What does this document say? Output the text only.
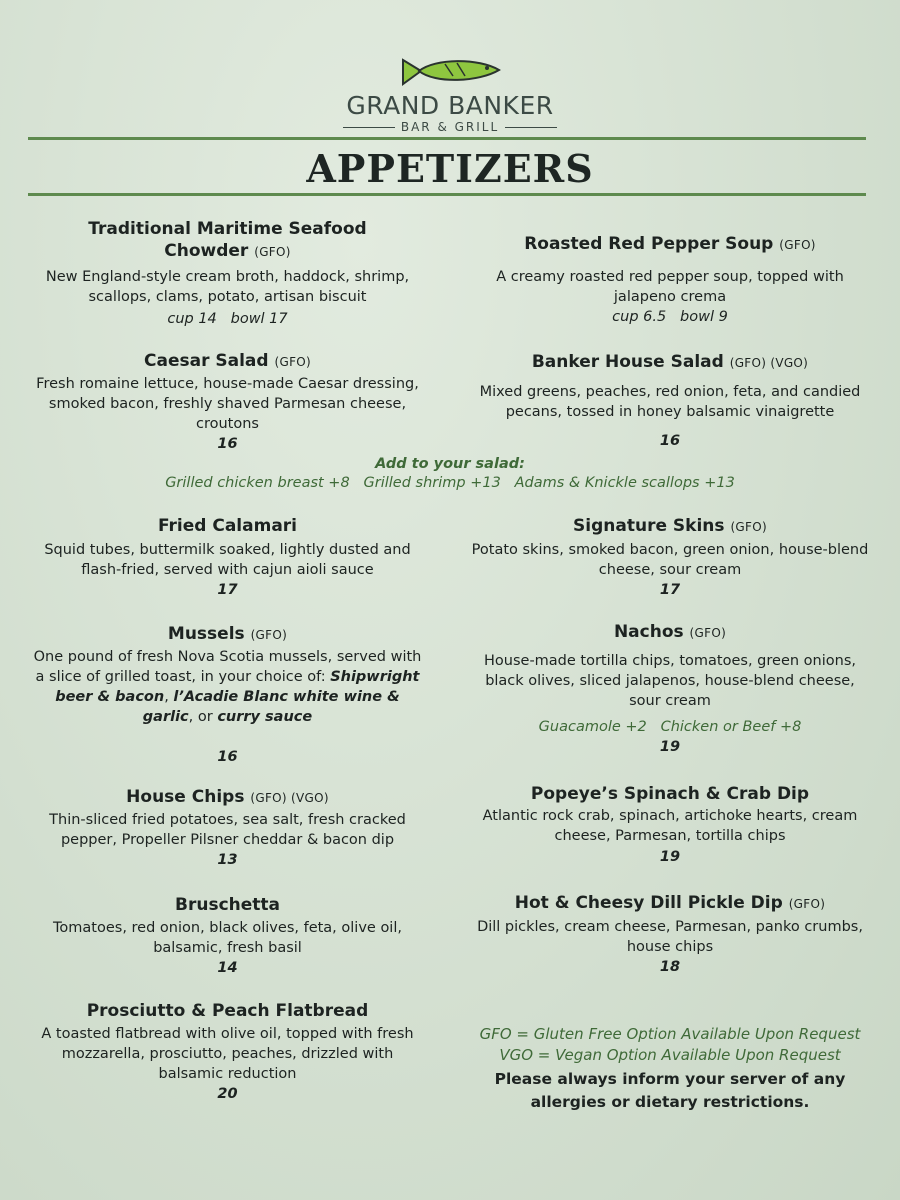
GRAND BANKER
BAR & GRILL
APPETIZERS
Traditional Maritime Seafood
Chowder (GFO)
New England-style cream broth, haddock, shrimp, scallops, clams, potato, artisan biscuit
cup 14   bowl 17
Caesar Salad (GFO)
Fresh romaine lettuce, house-made Caesar dressing, smoked bacon, freshly shaved Parmesan cheese, croutons
16
Fried Calamari
Squid tubes, buttermilk soaked, lightly dusted and flash-fried, served with cajun aioli sauce
17
Mussels (GFO)
One pound of fresh Nova Scotia mussels, served with a slice of grilled toast, in your choice of: Shipwright beer & bacon, l’Acadie Blanc white wine & garlic, or curry sauce
16
House Chips (GFO) (VGO)
Thin-sliced fried potatoes, sea salt, fresh cracked pepper, Propeller Pilsner cheddar & bacon dip
13
Bruschetta
Tomatoes, red onion, black olives, feta, olive oil, balsamic, fresh basil
14
Prosciutto & Peach Flatbread
A toasted flatbread with olive oil, topped with fresh mozzarella, prosciutto, peaches, drizzled with balsamic reduction
20
Roasted Red Pepper Soup (GFO)
A creamy roasted red pepper soup, topped with jalapeno crema
cup 6.5   bowl 9
Banker House Salad (GFO) (VGO)
Mixed greens, peaches, red onion, feta, and candied pecans, tossed in honey balsamic vinaigrette
16
Add to your salad:
Grilled chicken breast +8   Grilled shrimp +13   Adams & Knickle scallops +13
Signature Skins (GFO)
Potato skins, smoked bacon, green onion, house-blend cheese, sour cream
17
Nachos (GFO)
House-made tortilla chips, tomatoes, green onions, black olives, sliced jalapenos, house-blend cheese, sour cream
Guacamole +2   Chicken or Beef +8
19
Popeye’s Spinach & Crab Dip
Atlantic rock crab, spinach, artichoke hearts, cream cheese, Parmesan, tortilla chips
19
Hot & Cheesy Dill Pickle Dip (GFO)
Dill pickles, cream cheese, Parmesan, panko crumbs, house chips
18
GFO = Gluten Free Option Available Upon Request
VGO = Vegan Option Available Upon Request
Please always inform your server of any allergies or dietary restrictions.
